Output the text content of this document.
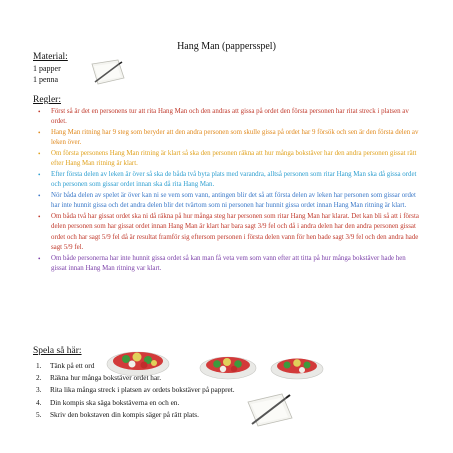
Hang Man (pappersspel)
Material:
1 papper
1 penna
Regler:
• Först så är det en personens tur att rita Hang Man och den andras att gissa på ordet den första personen har ritat streck i platsen av ordet.
• Hang Man ritning har 9 steg som beryder att den andra personen som skulle gissa på ordet har 9 försök och sen är den första delen av leken över.
• Om första personens Hang Man ritning är klart så ska den personen räkna att hur många bokstäver har den andra personen gissat rätt efter Hang Man ritning är klart.
• Efter första delen av leken är över så ska de båda två byta plats med varandra, alltså personen som ritar Hang Man ska då gissa ordet och personen som gissar ordet innan ska då rita Hang Man.
• Nör båda delen av spelet är över kan ni se vem som vann, antingen blir det så att första delen av leken har personen som gissar ordet har inte hunnit gissa och det andra delen blir det tvärtom som ni personen har hunnit gissa ordet innan Hang Man ritning är klart.
• Om båda två har gissat ordet ska ni då räkna på hur många steg har personen som ritar Hang Man har klarat. Det kan bli så att i första delen personen som har gissat ordet innan Hang Man är klart har bara sagt 3/9 fel och då i andra delen har den andra personen gissat ordet och har sagt 5/9 fel då är resultat framför sig eftersom personen i första delen vann för hen bade sagt 3/9 fel och den andra hade sagt 5/9 fel.
• Om både personerna har inte hunnit gissa ordet så kan man få veta vem som vann efter att titta på hur många bokstäver hade hen gissat innan Hang Man ritning var klart.
Spela så här:
1. Tänk på ett ord
2. Räkna hur många bokstäver ordet har.
3. Rita lika många streck i platsen av ordets bokstäver på pappret.
4. Din kompis ska säga bokstäverna en och en.
5. Skriv den bokstaven din kompis säger på rätt plats.
